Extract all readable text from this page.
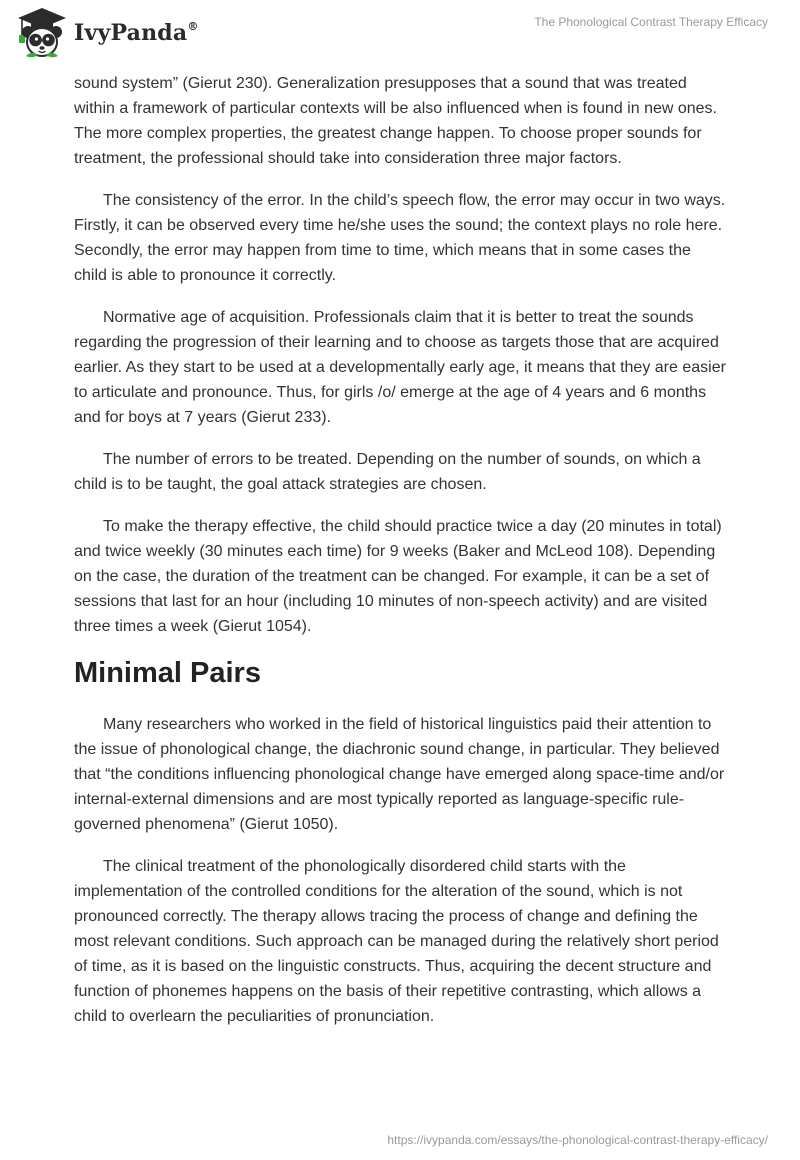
IvyPanda®	The Phonological Contrast Therapy Efficacy

sound system” (Gierut 230). Generalization presupposes that a sound that was treated within a framework of particular contexts will be also influenced when is found in new ones. The more complex properties, the greatest change happen. To choose proper sounds for treatment, the professional should take into consideration three major factors.

The consistency of the error. In the child’s speech flow, the error may occur in two ways. Firstly, it can be observed every time he/she uses the sound; the context plays no role here. Secondly, the error may happen from time to time, which means that in some cases the child is able to pronounce it correctly.

Normative age of acquisition. Professionals claim that it is better to treat the sounds regarding the progression of their learning and to choose as targets those that are acquired earlier. As they start to be used at a developmentally early age, it means that they are easier to articulate and pronounce. Thus, for girls /o/ emerge at the age of 4 years and 6 months and for boys at 7 years (Gierut 233).

The number of errors to be treated. Depending on the number of sounds, on which a child is to be taught, the goal attack strategies are chosen.

To make the therapy effective, the child should practice twice a day (20 minutes in total) and twice weekly (30 minutes each time) for 9 weeks (Baker and McLeod 108). Depending on the case, the duration of the treatment can be changed. For example, it can be a set of sessions that last for an hour (including 10 minutes of non-speech activity) and are visited three times a week (Gierut 1054).

Minimal Pairs

Many researchers who worked in the field of historical linguistics paid their attention to the issue of phonological change, the diachronic sound change, in particular. They believed that “the conditions influencing phonological change have emerged along space-time and/or internal-external dimensions and are most typically reported as language-specific rule-governed phenomena” (Gierut 1050).

The clinical treatment of the phonologically disordered child starts with the implementation of the controlled conditions for the alteration of the sound, which is not pronounced correctly. The therapy allows tracing the process of change and defining the most relevant conditions. Such approach can be managed during the relatively short period of time, as it is based on the linguistic constructs. Thus, acquiring the decent structure and function of phonemes happens on the basis of their repetitive contrasting, which allows a child to overlearn the peculiarities of pronunciation.

https://ivypanda.com/essays/the-phonological-contrast-therapy-efficacy/
